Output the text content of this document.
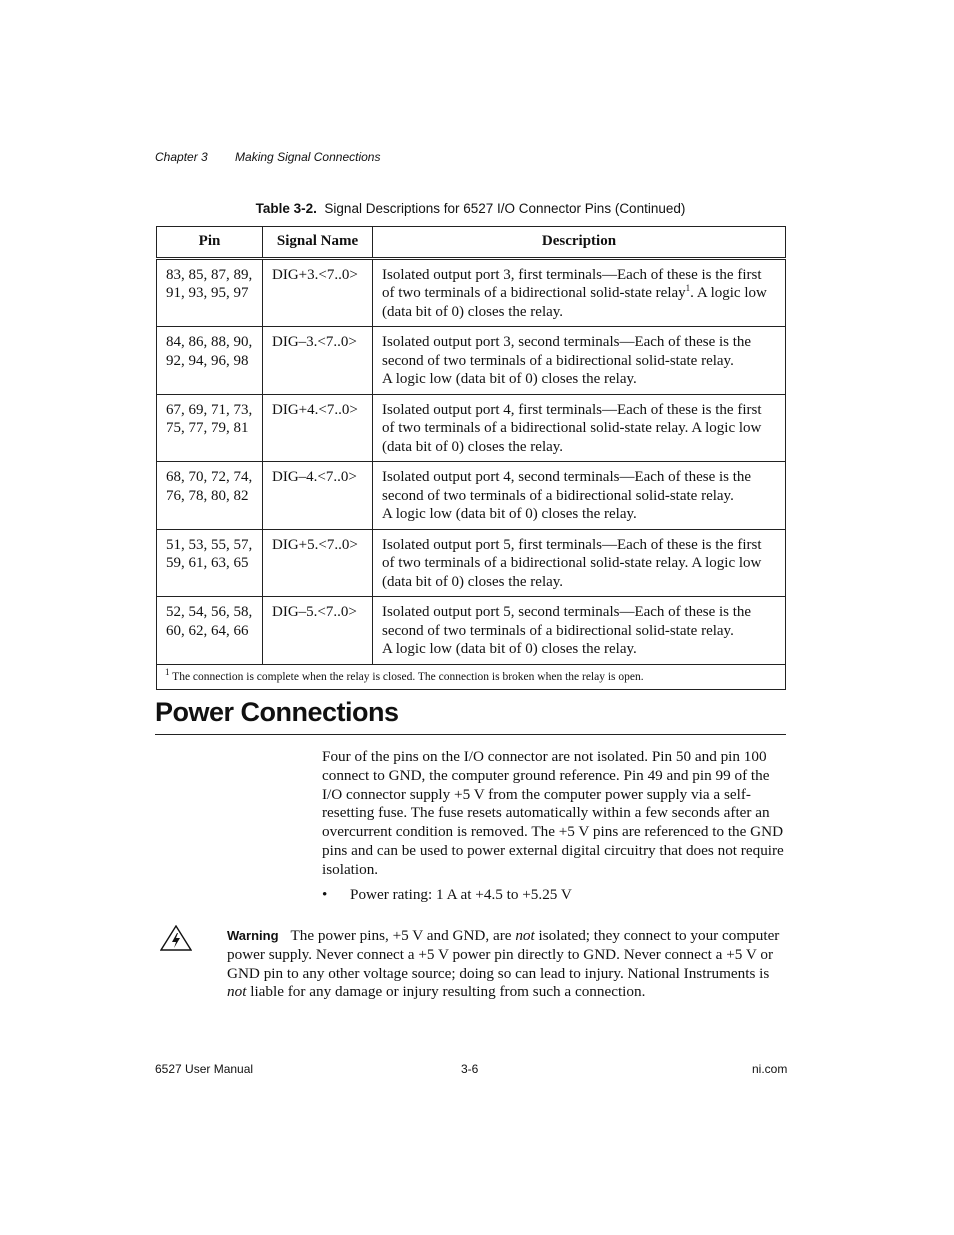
Chapter 3 Making Signal Connections
Table 3-2. Signal Descriptions for 6527 I/O Connector Pins (Continued)
Pin	Signal Name	Description
83, 85, 87, 89,
91, 93, 95, 97	DIG+3.<7..0>	Isolated output port 3, first terminals—Each of these is the first of two terminals of a bidirectional solid-state relay$^1$. A logic low (data bit of 0) closes the relay.
84, 86, 88, 90,
92, 94, 96, 98	DIG–3.<7..0>	Isolated output port 3, second terminals—Each of these is the second of two terminals of a bidirectional solid-state relay.
A logic low (data bit of 0) closes the relay.
67, 69, 71, 73,
75, 77, 79, 81	DIG+4.<7..0>	Isolated output port 4, first terminals—Each of these is the first of two terminals of a bidirectional solid-state relay. A logic low (data bit of 0) closes the relay.
68, 70, 72, 74,
76, 78, 80, 82	DIG–4.<7..0>	Isolated output port 4, second terminals—Each of these is the second of two terminals of a bidirectional solid-state relay.
A logic low (data bit of 0) closes the relay.
51, 53, 55, 57,
59, 61, 63, 65	DIG+5.<7..0>	Isolated output port 5, first terminals—Each of these is the first of two terminals of a bidirectional solid-state relay. A logic low (data bit of 0) closes the relay.
52, 54, 56, 58,
60, 62, 64, 66	DIG–5.<7..0>	Isolated output port 5, second terminals—Each of these is the second of two terminals of a bidirectional solid-state relay.
A logic low (data bit of 0) closes the relay.
$^1$ The connection is complete when the relay is closed. The connection is broken when the relay is open.		
Power Connections
Four of the pins on the I/O connector are not isolated. Pin 50 and pin 100 connect to GND, the computer ground reference. Pin 49 and pin 99 of the I/O connector supply +5 V from the computer power supply via a self-resetting fuse. The fuse resets automatically within a few seconds after an overcurrent condition is removed. The +5 V pins are referenced to the GND pins and can be used to power external digital circuitry that does not require isolation.
• Power rating: 1 A at +4.5 to +5.25 V
Warning The power pins, +5 V and GND, are not isolated; they connect to your computer power supply. Never connect a +5 V power pin directly to GND. Never connect a +5 V or GND pin to any other voltage source; doing so can lead to injury. National Instruments is not liable for any damage or injury resulting from such a connection.
6527 User Manual	3-6	ni.com
